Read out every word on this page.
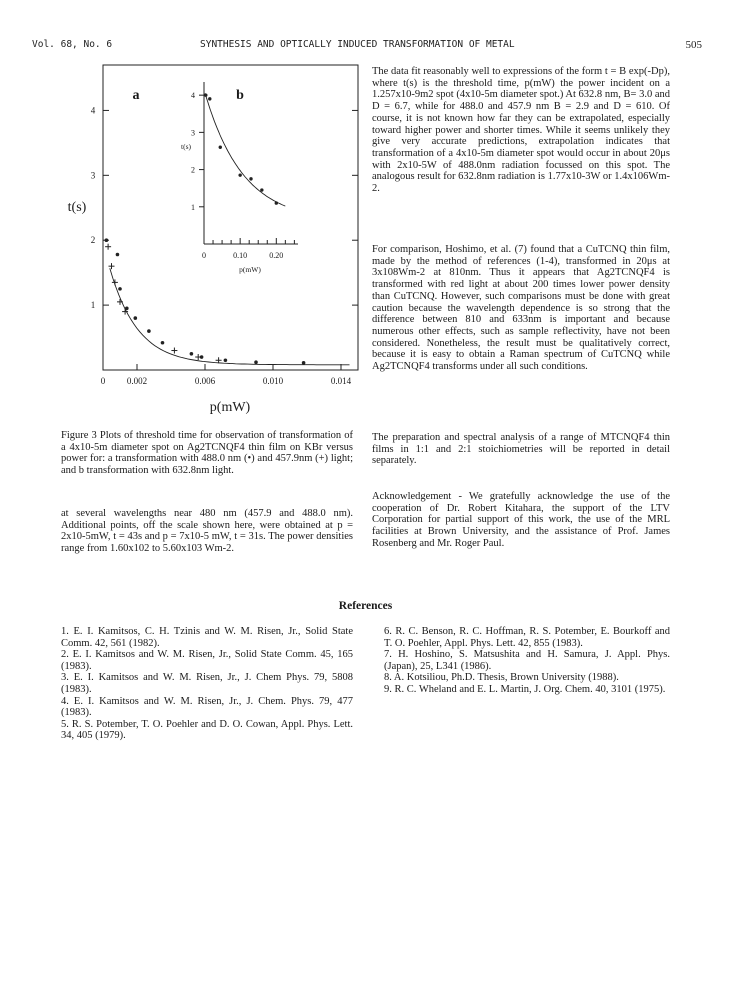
Vol. 68, No. 6	SYNTHESIS AND OPTICALLY INDUCED TRANSFORMATION OF METAL	505
1
2
3
4
0 0.002	0.006	0.010	0.014
t(s)
p(mW)
a
1
2
3
4
0	0.10	0.20
t(s)
p(mW)
b
Figure 3 Plots of threshold time for observation of transformation of a 4x10-5m diameter spot on Ag2TCNQF4 thin film on KBr versus power for: a transformation with 488.0 nm (•) and 457.9nm (+) light; and b transformation with 632.8nm light.
at several wavelengths near 480 nm (457.9 and 488.0 nm). Additional points, off the scale shown here, were obtained at p = 2x10-5mW, t = 43s and p = 7x10-5 mW, t = 31s. The power densities range from 1.60x102 to 5.60x103 Wm-2.
The data fit reasonably well to expressions of the form t = B exp(-Dp), where t(s) is the threshold time, p(mW) the power incident on a 1.257x10-9m2 spot (4x10-5m diameter spot.) At 632.8 nm, B= 3.0 and D = 6.7, while for 488.0 and 457.9 nm B = 2.9 and D = 610. Of course, it is not known how far they can be extrapolated, especially toward higher power and shorter times. While it seems unlikely they give very accurate predictions, extrapolation indicates that transformation of a 4x10-5m diameter spot would occur in about 20μs with 2x10-5W of 488.0nm radiation focussed on this spot. The analogous result for 632.8nm radiation is 1.77x10-3W or 1.4x106Wm-2.
For comparison, Hoshimo, et al. (7) found that a CuTCNQ thin film, made by the method of references (1-4), transformed in 20μs at 3x108Wm-2 at 810nm. Thus it appears that Ag2TCNQF4 is transformed with red light at about 200 times lower power density than CuTCNQ. However, such comparisons must be done with great caution because the wavelength dependence is so strong that the difference between 810 and 633nm is important and because numerous other effects, such as sample reflectivity, have not been considered. Nonetheless, the result must be qualitatively correct, because it is easy to obtain a Raman spectrum of CuTCNQ while Ag2TCNQF4 transforms under all such conditions.
The preparation and spectral analysis of a range of MTCNQF4 thin films in 1:1 and 2:1 stoichiometries will be reported in detail separately.
Acknowledgement - We gratefully acknowledge the use of the cooperation of Dr. Robert Kitahara, the support of the LTV Corporation for partial support of this work, the use of the MRL facilities at Brown University, and the assistance of Prof. James Rosenberg and Mr. Roger Paul.
References
1. E. I. Kamitsos, C. H. Tzinis and W. M. Risen, Jr., Solid State Comm. 42, 561 (1982).
2. E. I. Kamitsos and W. M. Risen, Jr., Solid State Comm. 45, 165 (1983).
3. E. I. Kamitsos and W. M. Risen, Jr., J. Chem Phys. 79, 5808 (1983).
4. E. I. Kamitsos and W. M. Risen, Jr., J. Chem. Phys. 79, 477 (1983).
5. R. S. Potember, T. O. Poehler and D. O. Cowan, Appl. Phys. Lett. 34, 405 (1979).
6. R. C. Benson, R. C. Hoffman, R. S. Potember, E. Bourkoff and T. O. Poehler, Appl. Phys. Lett. 42, 855 (1983).
7. H. Hoshino, S. Matsushita and H. Samura, J. Appl. Phys. (Japan), 25, L341 (1986).
8. A. Kotsiliou, Ph.D. Thesis, Brown University (1988).
9. R. C. Wheland and E. L. Martin, J. Org. Chem. 40, 3101 (1975).
